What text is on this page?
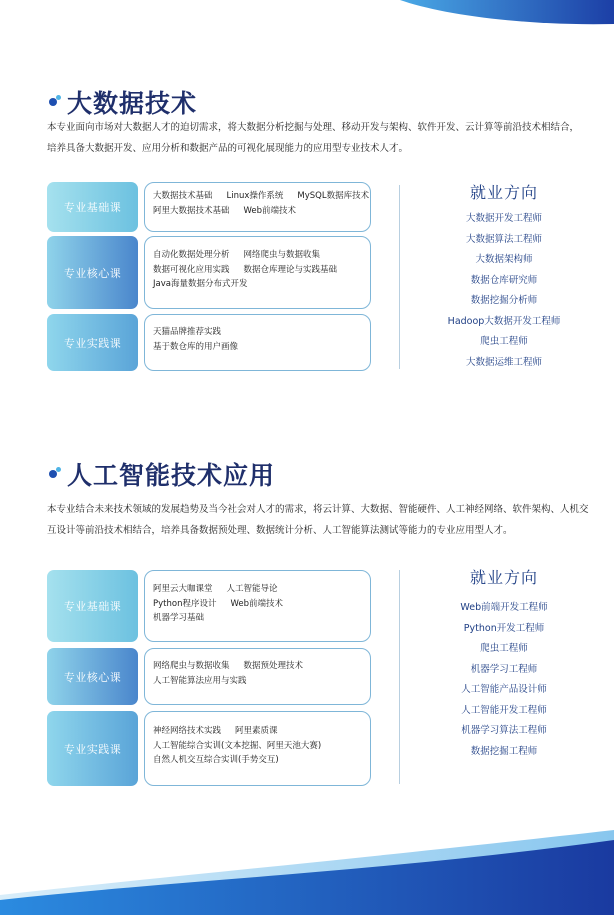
大数据技术
本专业面向市场对大数据人才的迫切需求，将大数据分析挖掘与处理、移动开发与架构、软件开发、云计算等前沿技术相结合，
培养具备大数据开发、应用分析和数据产品的可视化展现能力的应用型专业技术人才。
专业基础课
大数据技术基础 Linux操作系统 MySQL数据库技术
阿里大数据技术基础 Web前端技术
专业核心课
自动化数据处理分析 网络爬虫与数据收集
数据可视化应用实践 数据仓库理论与实践基础
Java海量数据分布式开发
专业实践课
天猫品牌推荐实践
基于数仓库的用户画像
就业方向
大数据开发工程师
大数据算法工程师
大数据架构师
数据仓库研究师
数据挖掘分析师
Hadoop大数据开发工程师
爬虫工程师
大数据运维工程师
人工智能技术应用
本专业结合未来技术领域的发展趋势及当今社会对人才的需求，将云计算、大数据、智能硬件、人工神经网络、软件架构、人机交
互设计等前沿技术相结合，培养具备数据预处理、数据统计分析、人工智能算法测试等能力的专业应用型人才。
专业基础课
阿里云大咖课堂 人工智能导论
Python程序设计 Web前端技术
机器学习基础
专业核心课
网络爬虫与数据收集 数据预处理技术
人工智能算法应用与实践
专业实践课
神经网络技术实践 阿里素质课
人工智能综合实训(文本挖掘、阿里天池大赛)
自然人机交互综合实训(手势交互)
就业方向
Web前端开发工程师
Python开发工程师
爬虫工程师
机器学习工程师
人工智能产品设计师
人工智能开发工程师
机器学习算法工程师
数据挖掘工程师
